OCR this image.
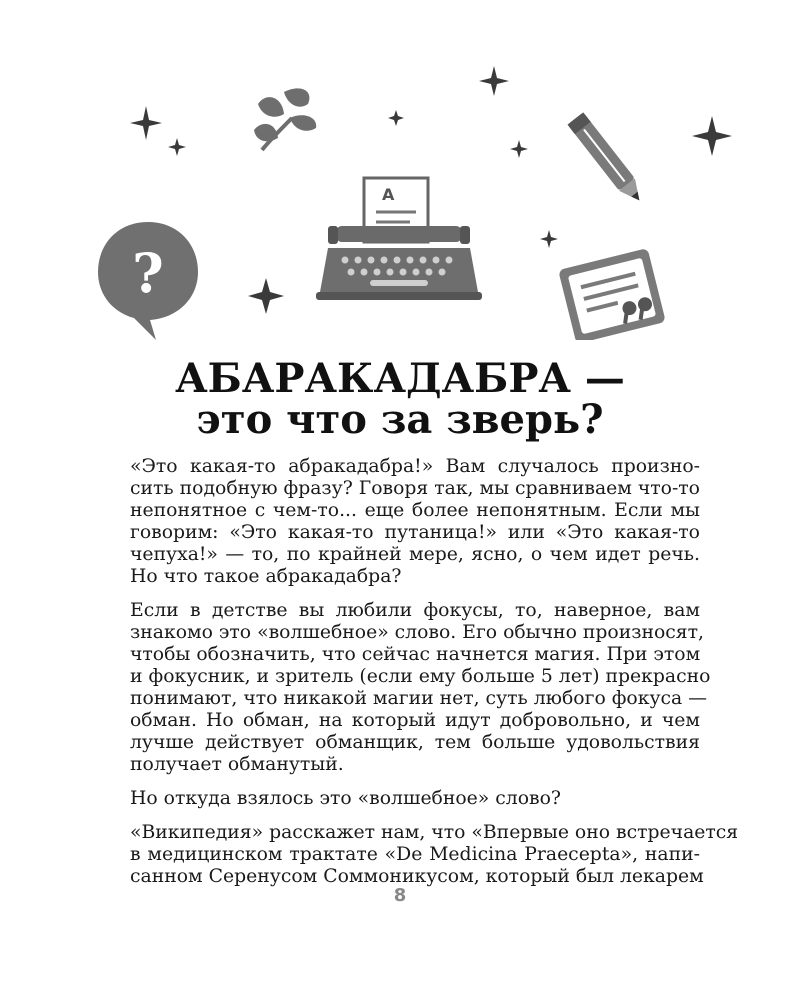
?
A
АБАРАКАДАБРА —
это что за зверь?

«Это какая-то абракадабра!» Вам случалось произно-
сить подобную фразу? Говоря так, мы сравниваем что-то
непонятное с чем-то... еще более непонятным. Если мы
говорим: «Это какая-то путаница!» или «Это какая-то
чепуха!» — то, по крайней мере, ясно, о чем идет речь.
Но что такое абракадабра?

Если в детстве вы любили фокусы, то, наверное, вам
знакомо это «волшебное» слово. Его обычно произносят,
чтобы обозначить, что сейчас начнется магия. При этом
и фокусник, и зритель (если ему больше 5 лет) прекрасно
понимают, что никакой магии нет, суть любого фокуса —
обман. Но обман, на который идут добровольно, и чем
лучше действует обманщик, тем больше удовольствия
получает обманутый.

Но откуда взялось это «волшебное» слово?

«Википедия» расскажет нам, что «Впервые оно встречается
в медицинском трактате «De Medicina Praecepta», напи-
санном Серенусом Соммоникусом, который был лекарем

8
